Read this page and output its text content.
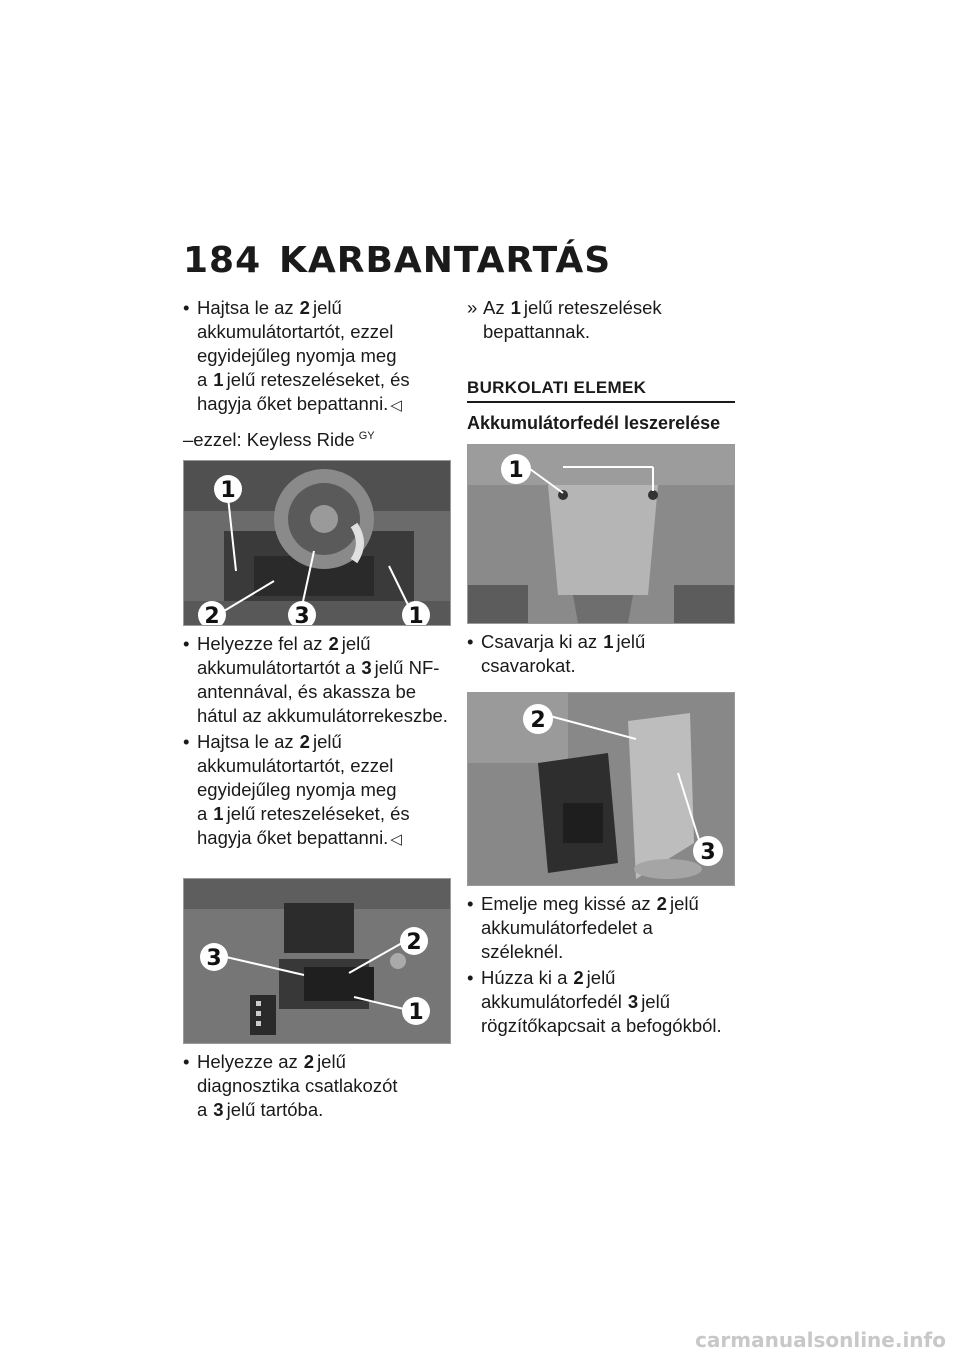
184 KARBANTARTÁS
• Hajtsa le az 2 jelű akkumulátortartót, ezzel egyidejűleg nyomja meg a 1 jelű reteszeléseket, és hagyja őket bepattanni. ◁
–ezzel: Keyless Ride $^{GY}$
1
2	3	1
• Helyezze fel az 2 jelű akkumulátortartót a 3 jelű NF-antennával, és akassza be hátul az akkumulátorrekeszbe.
• Hajtsa le az 2 jelű akkumulátortartót, ezzel egyidejűleg nyomja meg a 1 jelű reteszeléseket, és hagyja őket bepattanni. ◁
3
2
1
• Helyezze az 2 jelű diagnosztika csatlakozót a 3 jelű tartóba.
» Az 1 jelű reteszelések bepattannak.
BURKOLATI ELEMEK
Akkumulátorfedél leszerelése
1
• Csavarja ki az 1 jelű csavarokat.
2
3
• Emelje meg kissé az 2 jelű akkumulátorfedelet a széleknél.
• Húzza ki a 2 jelű akkumulátorfedél 3 jelű rögzítőkapcsait a befogókból.
carmanualsonline.info
